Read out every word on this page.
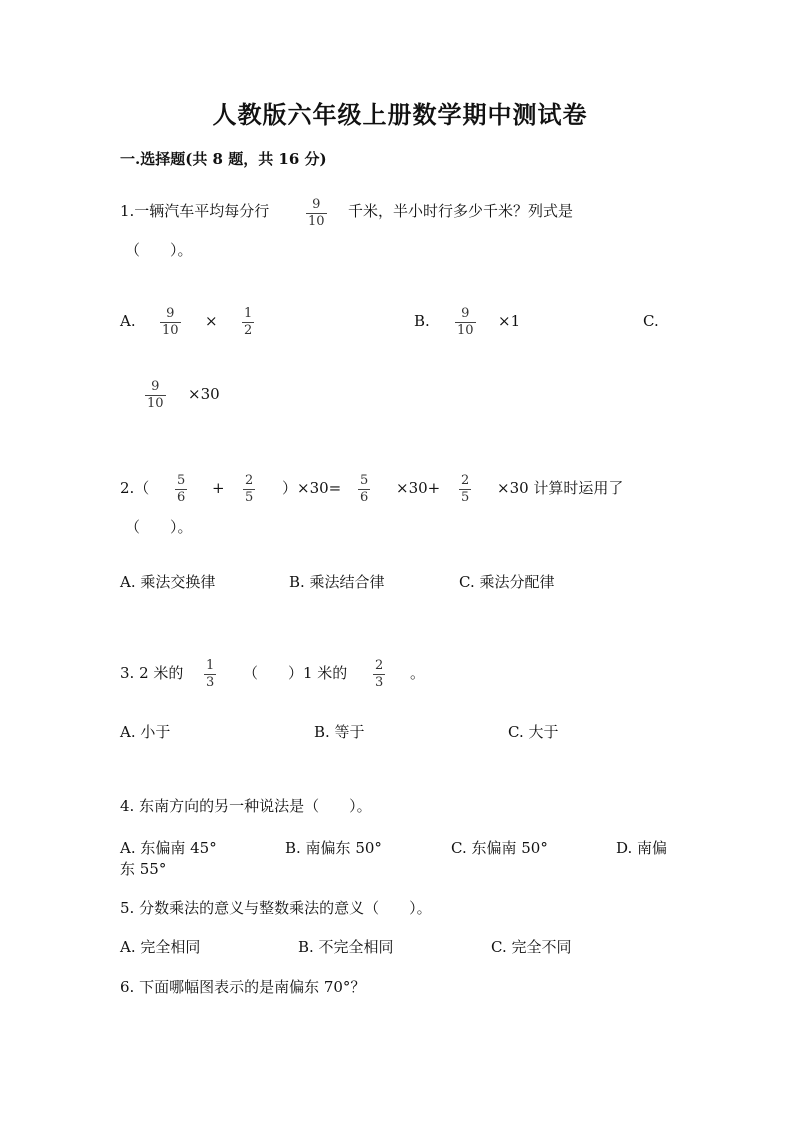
人教版六年级上册数学期中测试卷
一.选择题(共 8 题，共 16 分)
1.一辆汽车平均每分行	9
10
千米，半小时行多少千米？列式是
（　　）。
A. 9
10
× 1
2
B. 9
10
×1	C.
9
10
×30
2.（ 5
6
+ 2
5
）×30= 5
6
×30+ 2
5
×30 计算时运用了
（　　）。
A. 乘法交换律	B. 乘法结合律	C. 乘法分配律
3. 2 米的 1
3
（　　）1 米的 2
3
。
A. 小于	B. 等于	C. 大于
4. 东南方向的另一种说法是（　　）。
A. 东偏南 45°	B. 南偏东 50°	C. 东偏南 50°	D. 南偏
东 55°
5. 分数乘法的意义与整数乘法的意义（　　）。
A. 完全相同	B. 不完全相同	C. 完全不同
6. 下面哪幅图表示的是南偏东 70°？
